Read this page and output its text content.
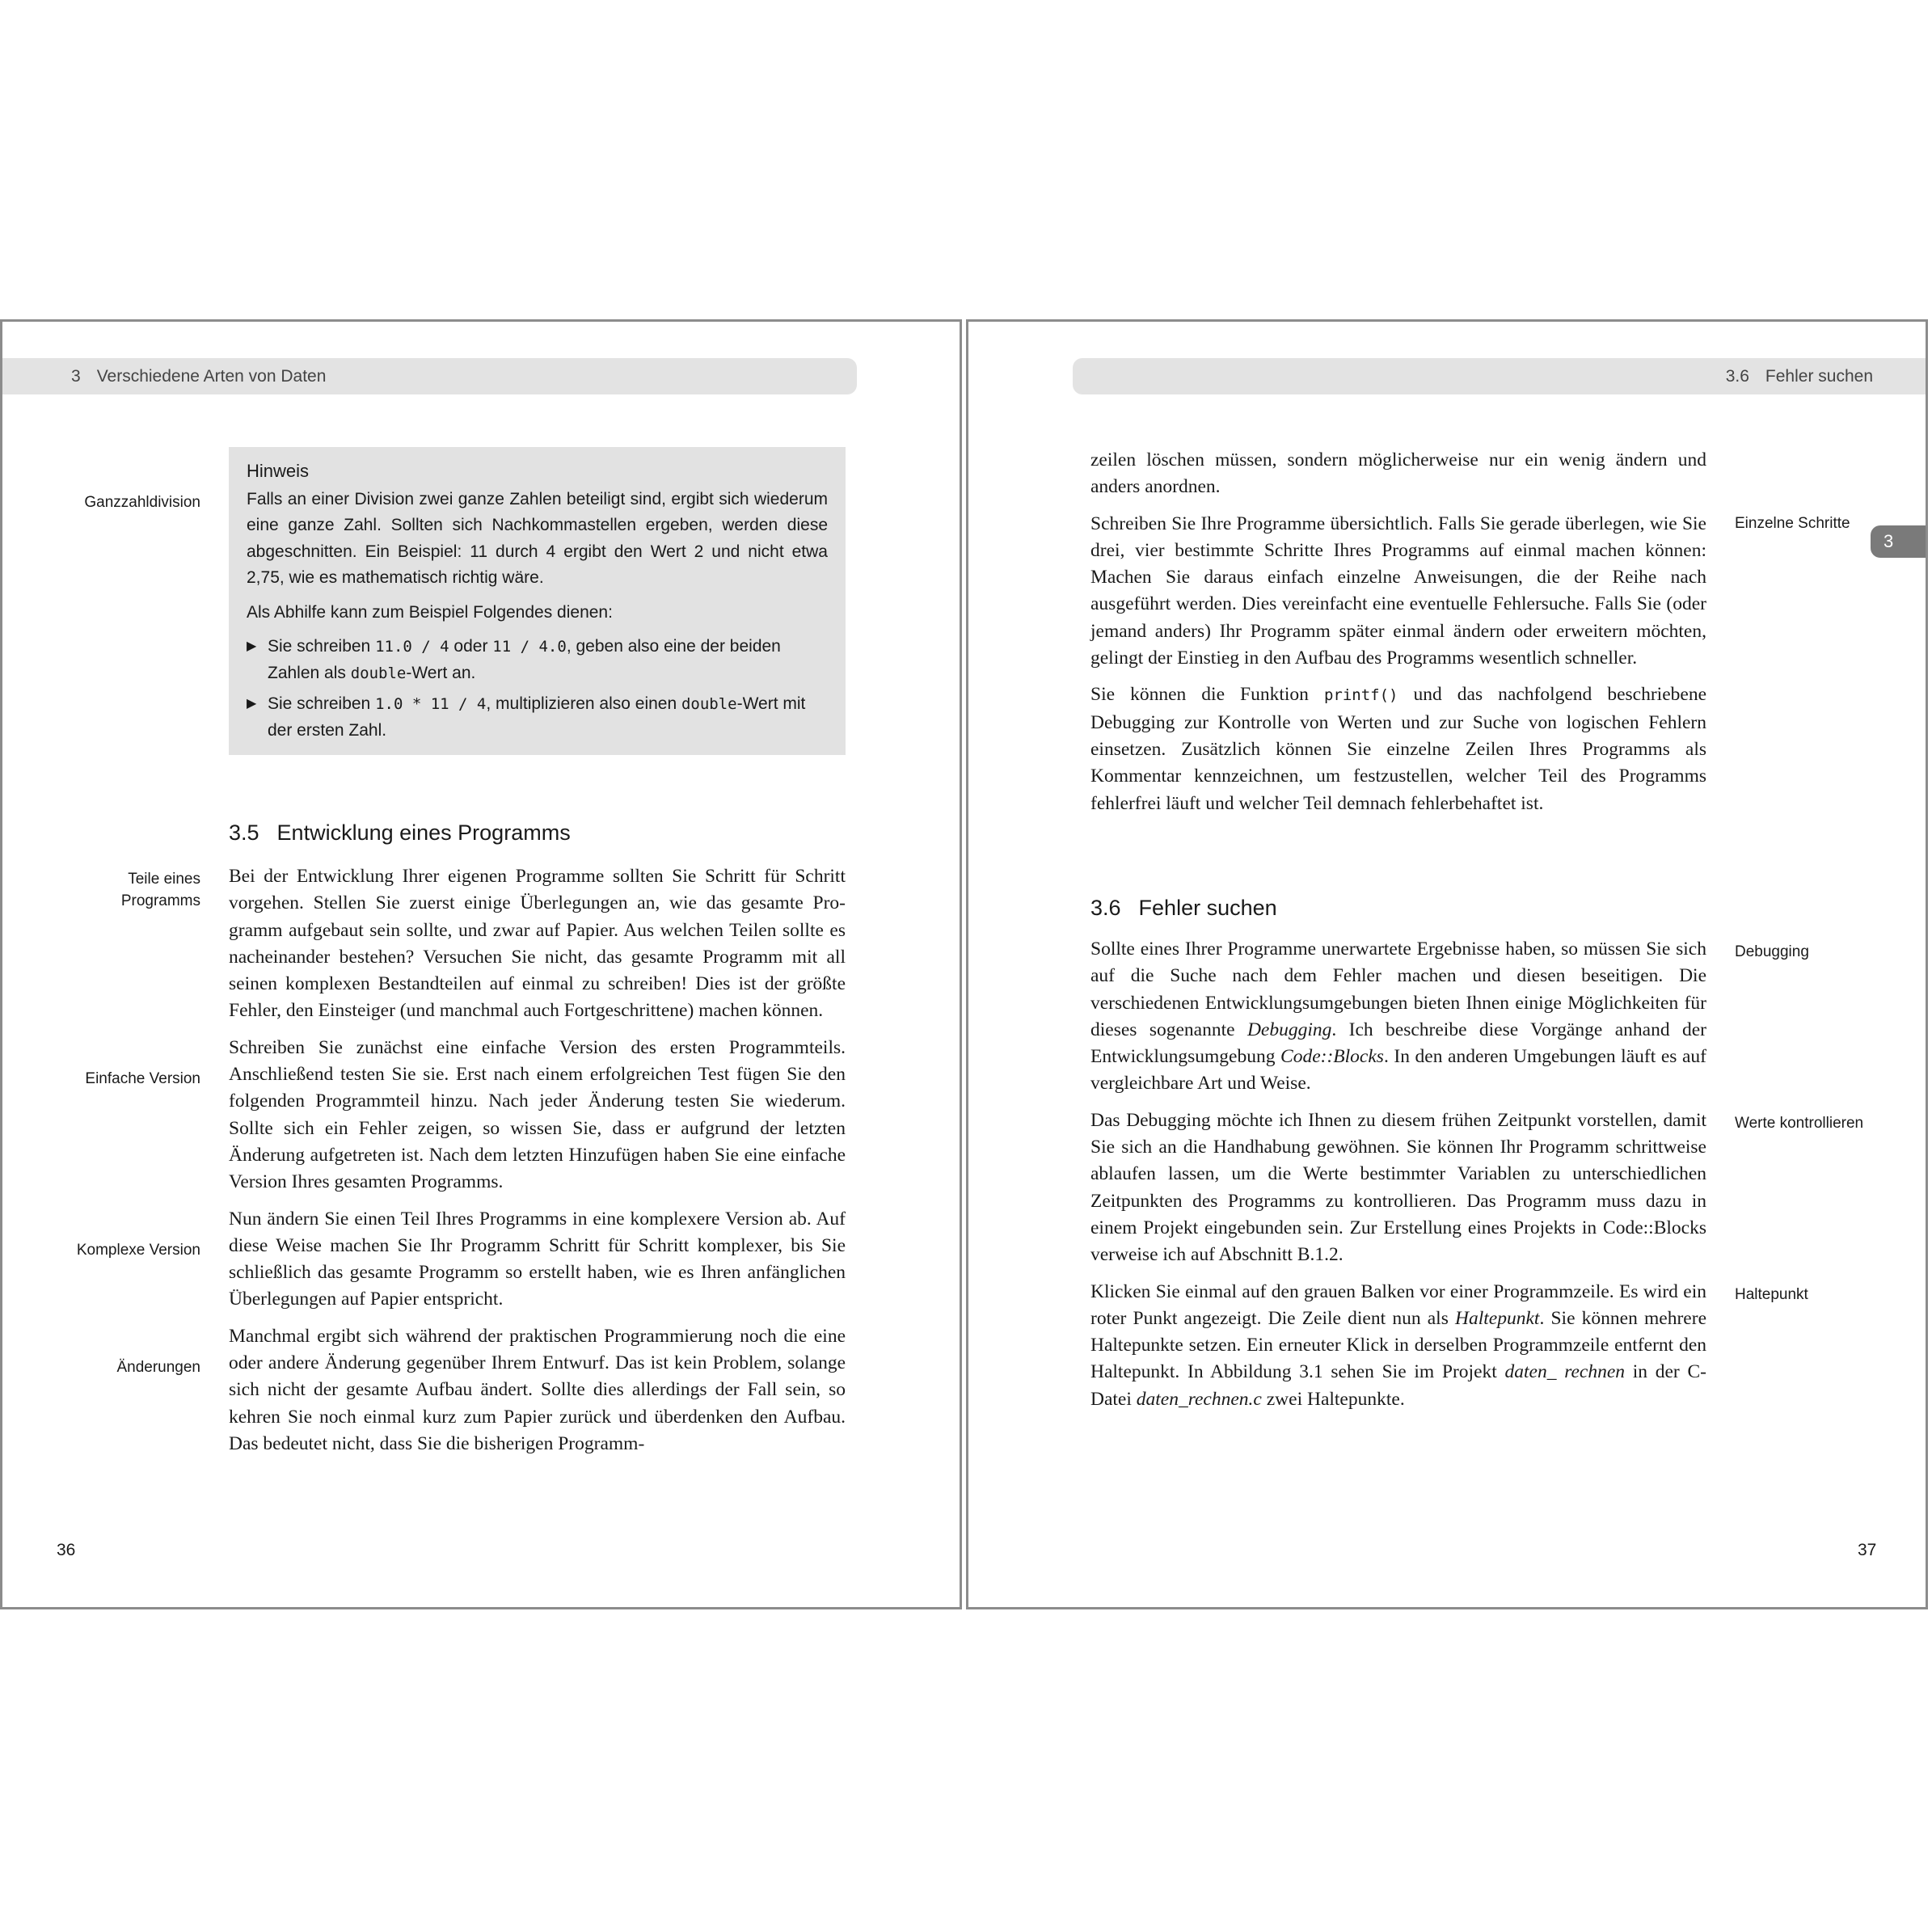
3 Verschiedene Arten von Daten
Hinweis

Falls an einer Division zwei ganze Zahlen beteiligt sind, ergibt sich wiederum eine ganze Zahl. Sollten sich Nachkommastellen ergeben, werden diese abgeschnitten. Ein Beispiel: 11 durch 4 ergibt den Wert 2 und nicht etwa 2,75, wie es mathematisch richtig wäre.

Als Abhilfe kann zum Beispiel Folgendes dienen:

▶ Sie schreiben 11.0 / 4 oder 11 / 4.0, geben also eine der beiden Zahlen als double-Wert an.
▶ Sie schreiben 1.0 * 11 / 4, multiplizieren also einen double-Wert mit der ersten Zahl.
Ganzzahldivision
3.5 Entwicklung eines Programms
Teile eines
Programms
Einfache Version
Komplexe Version
Änderungen

Bei der Entwicklung Ihrer eigenen Programme sollten Sie Schritt für Schritt vorgehen. Stellen Sie zuerst einige Überlegungen an, wie das gesamte Programm aufgebaut sein sollte, und zwar auf Papier. Aus welchen Teilen sollte es nacheinander bestehen? Versuchen Sie nicht, das gesamte Programm mit all seinen komplexen Bestandteilen auf einmal zu schreiben! Dies ist der größte Fehler, den Einsteiger (und manchmal auch Fortgeschrittene) machen können.

Schreiben Sie zunächst eine einfache Version des ersten Programmteils. Anschließend testen Sie sie. Erst nach einem erfolgreichen Test fügen Sie den folgenden Programmteil hinzu. Nach jeder Änderung testen Sie wiederum. Sollte sich ein Fehler zeigen, so wissen Sie, dass er aufgrund der letzten Änderung aufgetreten ist. Nach dem letzten Hinzufügen haben Sie eine einfache Version Ihres gesamten Programms.

Nun ändern Sie einen Teil Ihres Programms in eine komplexere Version ab. Auf diese Weise machen Sie Ihr Programm Schritt für Schritt komplexer, bis Sie schließlich das gesamte Programm so erstellt haben, wie es Ihren anfänglichen Überlegungen auf Papier entspricht.

Manchmal ergibt sich während der praktischen Programmierung noch die eine oder andere Änderung gegenüber Ihrem Entwurf. Das ist kein Problem, solange sich nicht der gesamte Aufbau ändert. Sollte dies allerdings der Fall sein, so kehren Sie noch einmal kurz zum Papier zurück und überdenken den Aufbau. Das bedeutet nicht, dass Sie die bisherigen Programm-

36
3.6 Fehler suchen
3
Einzelne Schritte
Debugging
Werte kontrollieren
Haltepunkt

zeilen löschen müssen, sondern möglicherweise nur ein wenig ändern und anders anordnen.

Schreiben Sie Ihre Programme übersichtlich. Falls Sie gerade überlegen, wie Sie drei, vier bestimmte Schritte Ihres Programms auf einmal machen können: Machen Sie daraus einfach einzelne Anweisungen, die der Reihe nach ausgeführt werden. Dies vereinfacht eine eventuelle Fehlersuche. Falls Sie (oder jemand anders) Ihr Programm später einmal ändern oder erweitern möchten, gelingt der Einstieg in den Aufbau des Programms wesentlich schneller.

Sie können die Funktion printf() und das nachfolgend beschriebene Debugging zur Kontrolle von Werten und zur Suche von logischen Fehlern einsetzen. Zusätzlich können Sie einzelne Zeilen Ihres Programms als Kommentar kennzeichnen, um festzustellen, welcher Teil des Programms fehlerfrei läuft und welcher Teil demnach fehlerbehaftet ist.

3.6 Fehler suchen

Sollte eines Ihrer Programme unerwartete Ergebnisse haben, so müssen Sie sich auf die Suche nach dem Fehler machen und diesen beseitigen. Die verschiedenen Entwicklungsumgebungen bieten Ihnen einige Möglichkeiten für dieses sogenannte Debugging. Ich beschreibe diese Vorgänge anhand der Entwicklungsumgebung Code::Blocks. In den anderen Umgebungen läuft es auf vergleichbare Art und Weise.

Das Debugging möchte ich Ihnen zu diesem frühen Zeitpunkt vorstellen, damit Sie sich an die Handhabung gewöhnen. Sie können Ihr Programm schrittweise ablaufen lassen, um die Werte bestimmter Variablen zu unterschiedlichen Zeitpunkten des Programms zu kontrollieren. Das Programm muss dazu in einem Projekt eingebunden sein. Zur Erstellung eines Projekts in Code::Blocks verweise ich auf Abschnitt B.1.2.

Klicken Sie einmal auf den grauen Balken vor einer Programmzeile. Es wird ein roter Punkt angezeigt. Die Zeile dient nun als Haltepunkt. Sie können mehrere Haltepunkte setzen. Ein erneuter Klick in derselben Programmzeile entfernt den Haltepunkt. In Abbildung 3.1 sehen Sie im Projekt daten_ rechnen in der C-Datei daten_rechnen.c zwei Haltepunkte.

37
